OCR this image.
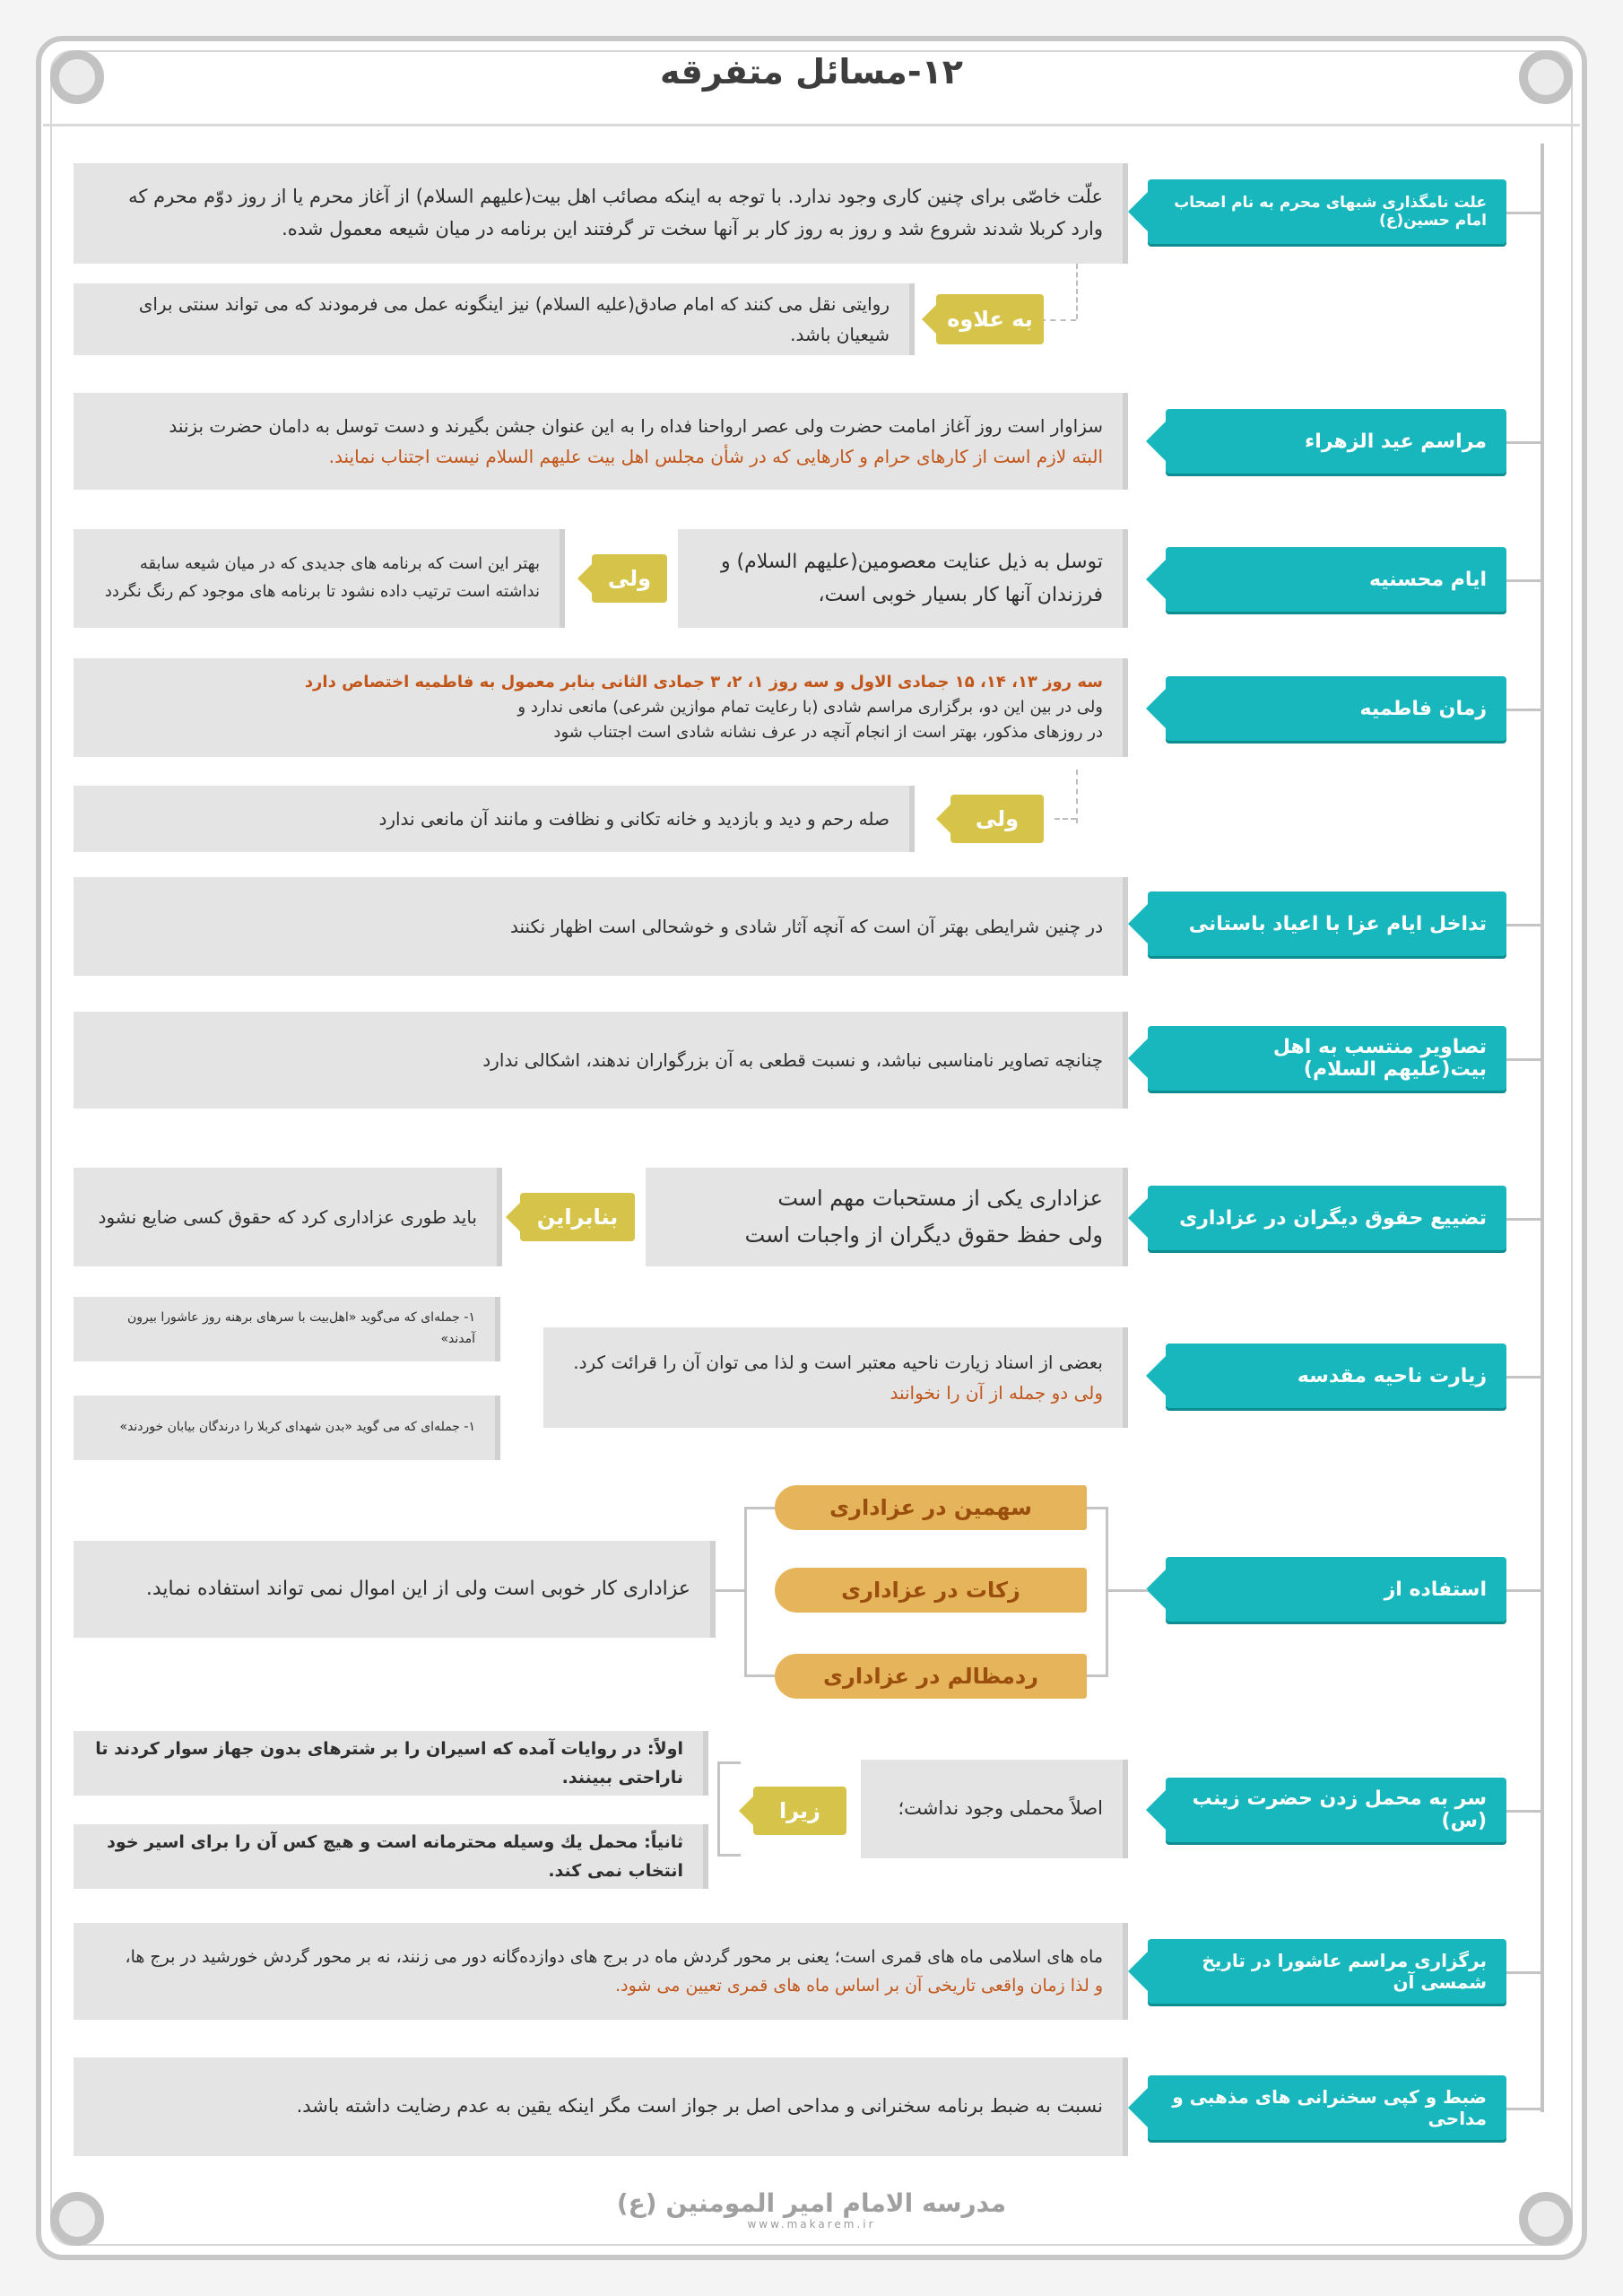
۱۲-مسائل متفرقه
علت نامگذاری شبهای محرم به نام اصحاب امام حسین(ع)
علّت خاصّی برای چنین کاری وجود ندارد. با توجه به اینکه مصائب اهل بیت(علیهم السلام) از آغاز محرم یا از روز دوّم محرم که وارد کربلا شدند شروع شد و روز به روز کار بر آنها سخت تر گرفتند این برنامه در میان شیعه معمول شده.
به علاوه
روایتی نقل می کنند که امام صادق(علیه السلام) نیز اینگونه عمل می فرمودند که می تواند سنتی برای شیعیان باشد.
مراسم عید الزهراء
سزاوار است روز آغاز امامت حضرت ولی عصر ارواحنا فداه را به این عنوان جشن بگیرند و دست توسل به دامان حضرت بزنند
البته لازم است از کارهای حرام و کارهایی که در شأن مجلس اهل بیت علیهم السلام نیست اجتناب نمایند.
ایام محسنیه
توسل به ذیل عنایت معصومین(علیهم السلام) و فرزندان آنها کار بسیار خوبی است،
ولی
بهتر این است که برنامه های جدیدی که در میان شیعه سابقه نداشته است ترتیب داده نشود تا برنامه های موجود کم رنگ نگردد
زمان فاطمیه
سه روز ۱۳، ۱۴، ۱۵ جمادی الاول و سه روز ۱، ۲، ۳ جمادی الثانی بنابر معمول به فاطمیه اختصاص دارد
ولی در بین این دو، برگزاری مراسم شادی (با رعایت تمام موازین شرعی) مانعی ندارد و
در روزهای مذکور، بهتر است از انجام آنچه در عرف نشانه شادی است اجتناب شود
ولی
صله رحم و دید و بازدید و خانه تکانی و نظافت و مانند آن مانعی ندارد
تداخل ایام عزا با اعیاد باستانی
در چنین شرایطی بهتر آن است که آنچه آثار شادی و خوشحالی است اظهار نکنند
تصاویر منتسب به اهل بیت(علیهم السلام)
چنانچه تصاویر نامناسبی نباشد، و نسبت قطعی به آن بزرگواران ندهند، اشکالی ندارد
تضییع حقوق دیگران در عزاداری
عزاداری یکی از مستحبات مهم است
ولی حفظ حقوق دیگران از واجبات است
بنابراین
باید طوری عزاداری کرد که حقوق کسی ضایع نشود
زیارت ناحیه مقدسه
بعضی از اسناد زیارت ناحیه معتبر است و لذا می توان آن را قرائت کرد.
ولی دو جمله از آن را نخوانند
۱- جمله‌ای که می‌گوید «اهل‌بیت با سرهای برهنه روز عاشورا بیرون آمدند»
۱- جمله‌ای که می گوید «بدن شهدای کربلا را درندگان بیابان خوردند»
استفاده از
سهمین در عزاداری
زکات در عزاداری
ردمظالم در عزاداری
عزاداری کار خوبی است ولی از این اموال نمی تواند استفاده نماید.
سر به محمل زدن حضرت زینب (س)
اصلاً محملی وجود نداشت؛
زیرا
اولاً: در روایات آمده که اسیران را بر شترهای بدون جهاز سوار کردند تا ناراحتی ببینند.
ثانیاً: محمل یك وسیله محترمانه است و هیچ کس آن را برای اسیر خود انتخاب نمی کند.
برگزاری مراسم عاشورا در تاریخ شمسی آن
ماه های اسلامی ماه های قمری است؛ یعنی بر محور گردش ماه در برج های دوازده‌گانه دور می زنند، نه بر محور گردش خورشید در برج ها،
و لذا زمان واقعی تاریخی آن بر اساس ماه های قمری تعیین می شود.
ضبط و کپی سخنرانی های مذهبی و مداحی
نسبت به ضبط برنامه سخنرانی و مداحی اصل بر جواز است مگر اینکه یقین به عدم رضایت داشته باشد.
مدرسه الامام امیر المومنین (ع)
www.makarem.ir
